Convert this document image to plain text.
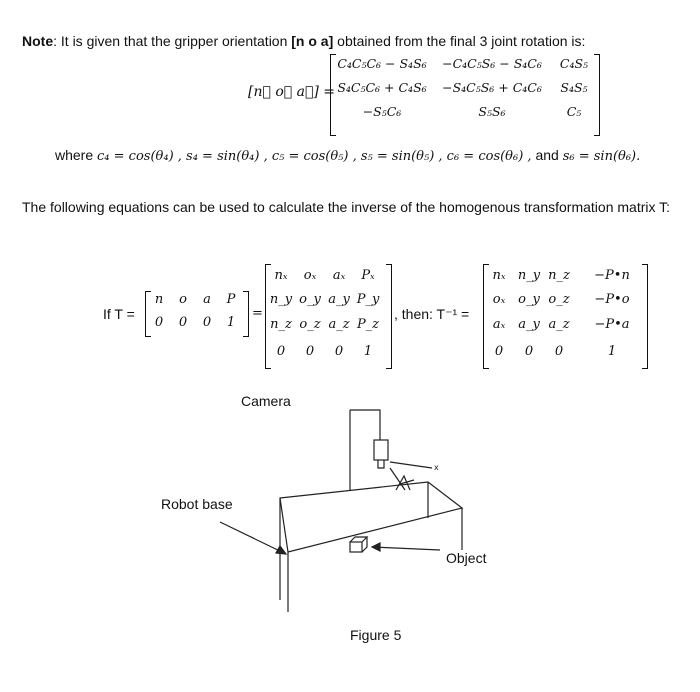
Note: It is given that the gripper orientation [n o a] obtained from the final 3 joint rotation is:
[n⃗ o⃗ a⃗] =
C₄C₅C₆ − S₄S₆	−C₄C₅S₆ − S₄C₆	C₄S₅
S₄C₅C₆ + C₄S₆	−S₄C₅S₆ + C₄C₆	S₄S₅
−S₅C₆	S₅S₆	C₅
where c₄ = cos(θ₄) , s₄ = sin(θ₄) , c₅ = cos(θ₅) , s₅ = sin(θ₅) , c₆ = cos(θ₆) , and s₆ = sin(θ₆).
The following equations can be used to calculate the inverse of the homogenous transformation matrix T:
If T =
n	o	a	P
0	0	0	1
=
nₓ	oₓ	aₓ	Pₓ
n_y o_y a_y P_y
n_z o_z a_z P_z
0	0	0	1
, then: T⁻¹ =
nₓ n_y n_z	−P•n
oₓ o_y o_z	−P•o
aₓ	a_y a_z	−P•a
0	0	0	1
Camera
Robot base
Object
Figure 5
x
